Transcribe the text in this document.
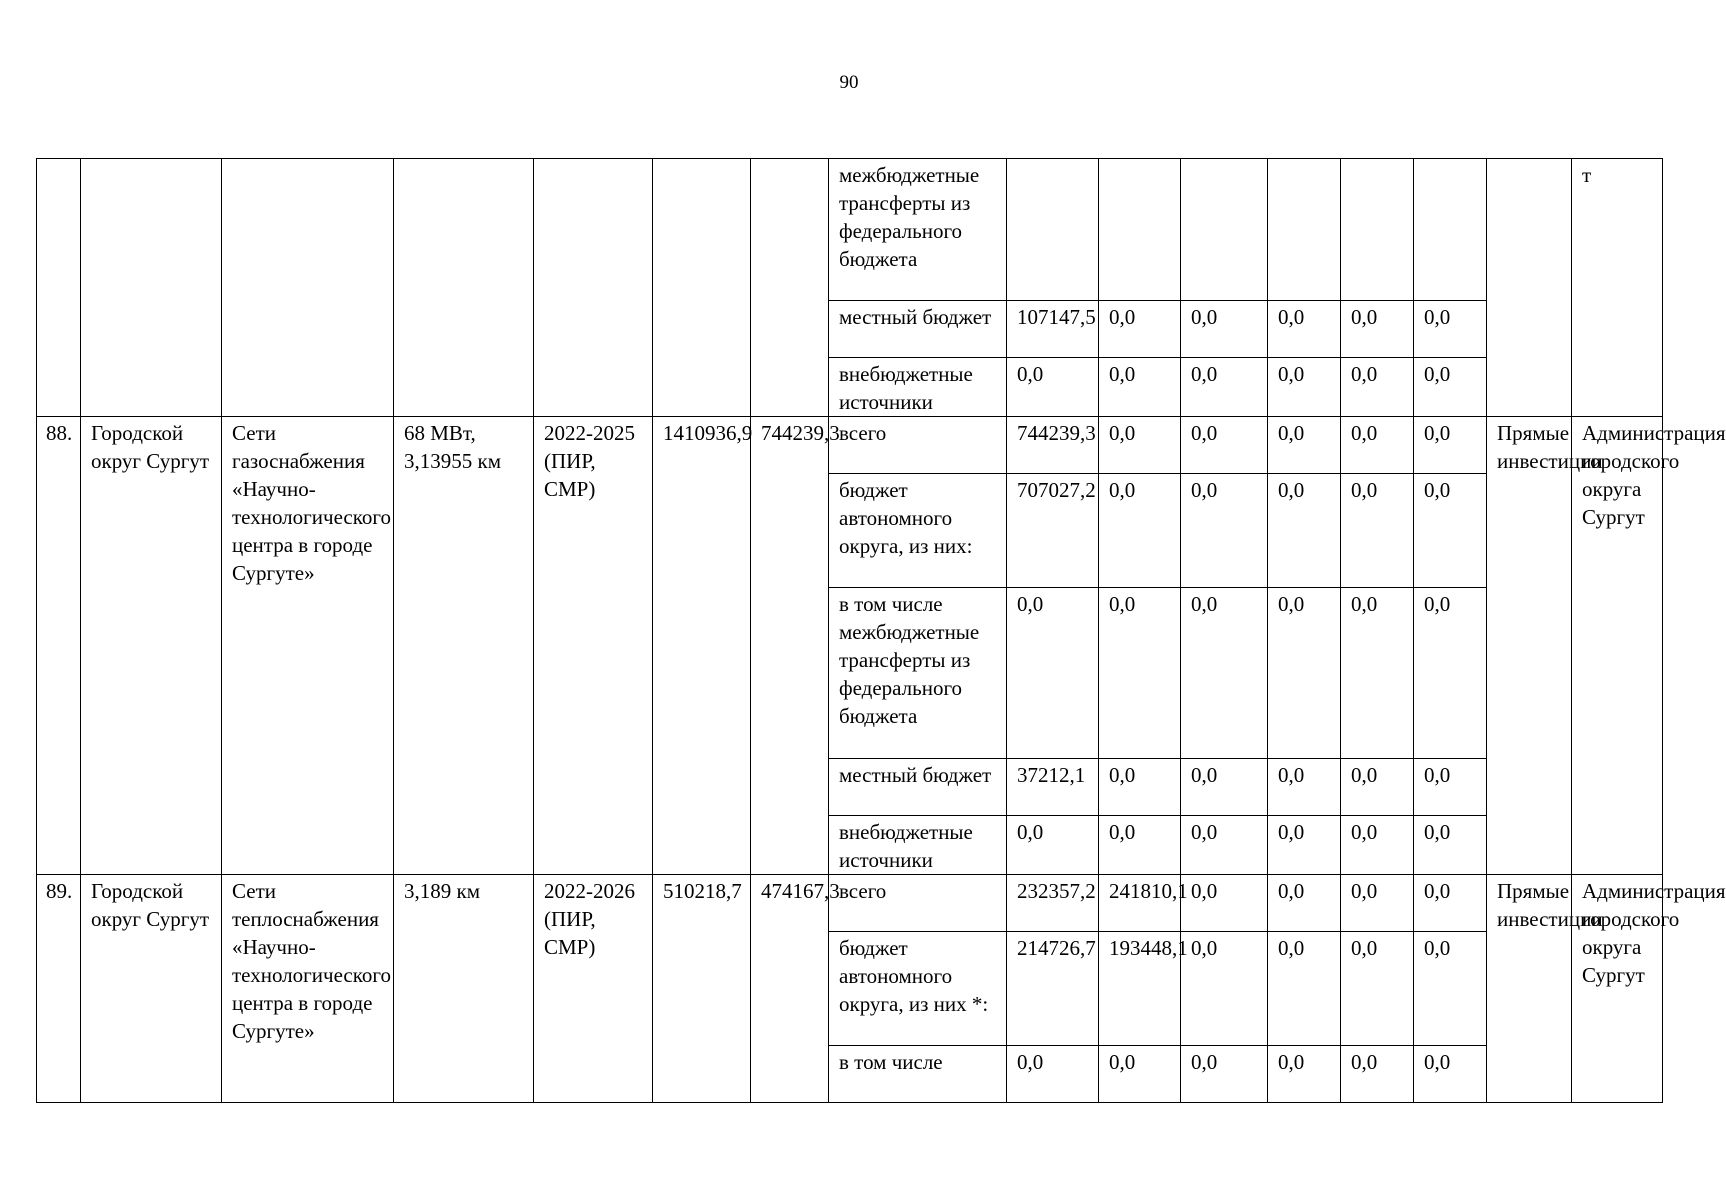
90
							межбюджетные трансферты из федерального бюджета								т
							местный бюджет	107147,5	0,0	0,0	0,0	0,0	0,0		
							внебюджетные источники	0,0	0,0	0,0	0,0	0,0	0,0		
88.	Городской округ Сургут	Сети газоснабжения «Научно-технологического центра в городе Сургуте»	68 МВт, 3,13955 км	2022-2025 (ПИР, СМР)	1410936,9	744239,3	всего	744239,3	0,0	0,0	0,0	0,0	0,0	Прямые инвестиции	Администрация городского округа Сургут
							бюджет автономного округа, из них:	707027,2	0,0	0,0	0,0	0,0	0,0		
							в том числе межбюджетные трансферты из федерального бюджета	0,0	0,0	0,0	0,0	0,0	0,0		
							местный бюджет	37212,1	0,0	0,0	0,0	0,0	0,0		
							внебюджетные источники	0,0	0,0	0,0	0,0	0,0	0,0		
89.	Городской округ Сургут	Сети теплоснабжения «Научно-технологического центра в городе Сургуте»	3,189 км	2022-2026 (ПИР, СМР)	510218,7	474167,3	всего	232357,2	241810,1	0,0	0,0	0,0	0,0	Прямые инвестиции	Администрация городского округа Сургут
							бюджет автономного округа, из них *:	214726,7	193448,1	0,0	0,0	0,0	0,0		
							в том числе	0,0	0,0	0,0	0,0	0,0	0,0		
